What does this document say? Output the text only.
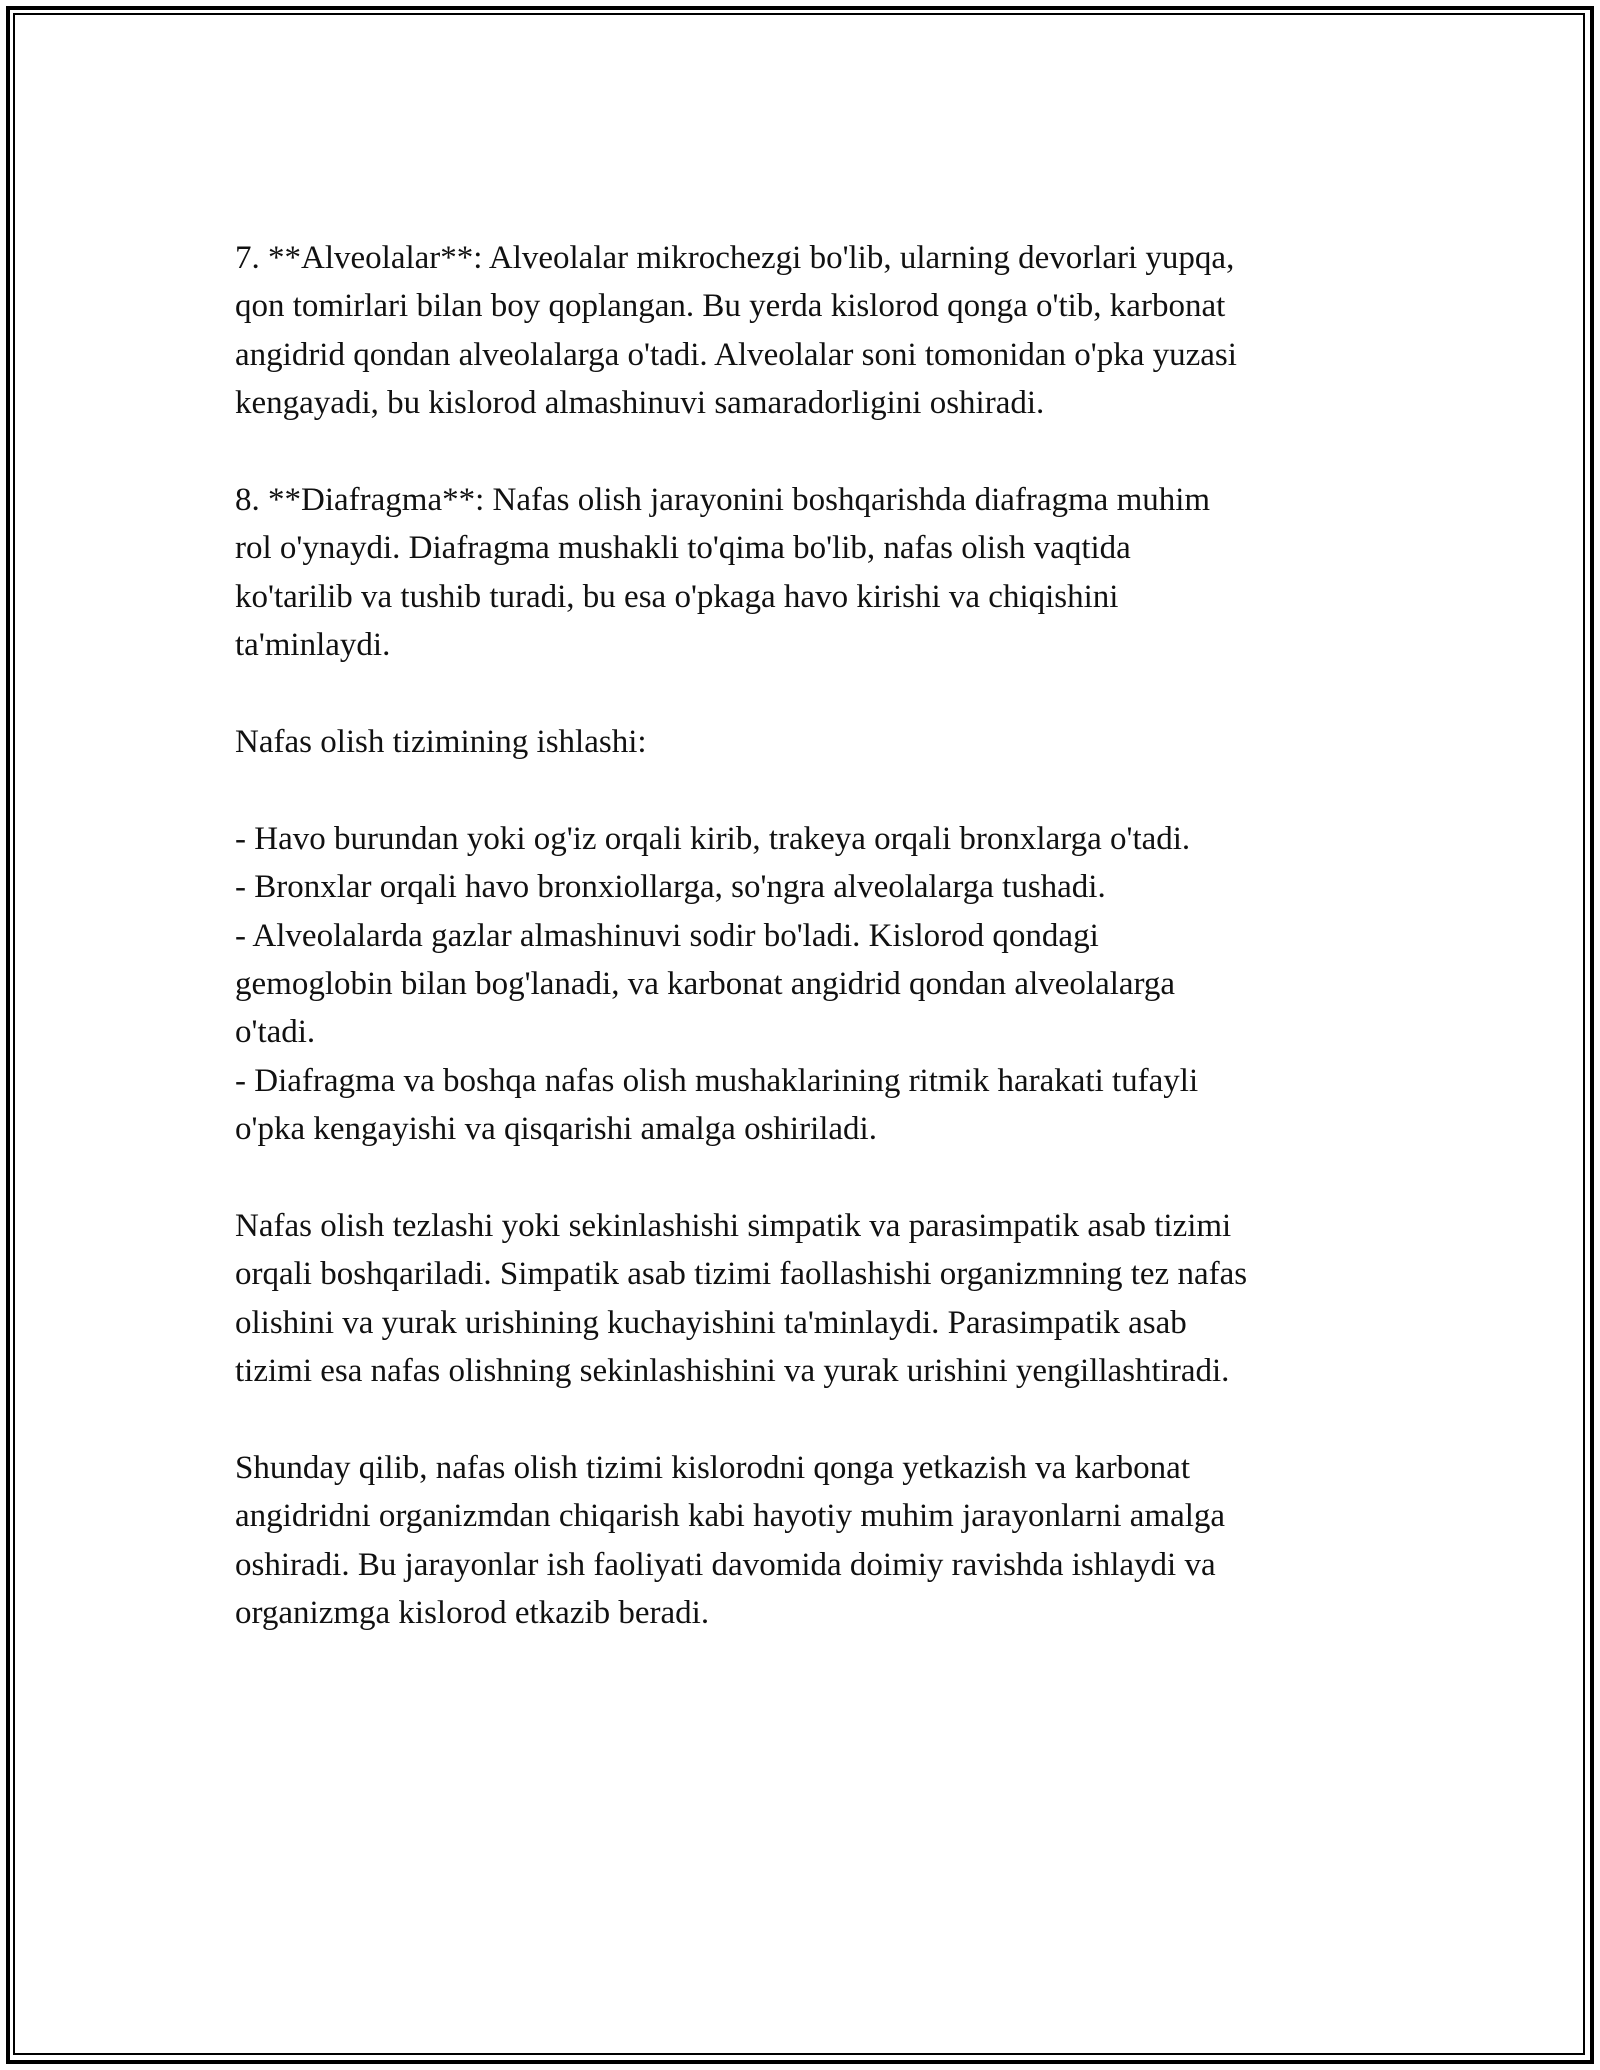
7. **Alveolalar**: Alveolalar mikrochezgi bo'lib, ularning devorlari yupqa,
qon tomirlari bilan boy qoplangan. Bu yerda kislorod qonga o'tib, karbonat
angidrid qondan alveolalarga o'tadi. Alveolalar soni tomonidan o'pka yuzasi
kengayadi, bu kislorod almashinuvi samaradorligini oshiradi.
8. **Diafragma**: Nafas olish jarayonini boshqarishda diafragma muhim
rol o'ynaydi. Diafragma mushakli to'qima bo'lib, nafas olish vaqtida
ko'tarilib va tushib turadi, bu esa o'pkaga havo kirishi va chiqishini
ta'minlaydi.
Nafas olish tizimining ishlashi:
- Havo burundan yoki og'iz orqali kirib, trakeya orqali bronxlarga o'tadi.
- Bronxlar orqali havo bronxiollarga, so'ngra alveolalarga tushadi.
- Alveolalarda gazlar almashinuvi sodir bo'ladi. Kislorod qondagi
gemoglobin bilan bog'lanadi, va karbonat angidrid qondan alveolalarga
o'tadi.
- Diafragma va boshqa nafas olish mushaklarining ritmik harakati tufayli
o'pka kengayishi va qisqarishi amalga oshiriladi.
Nafas olish tezlashi yoki sekinlashishi simpatik va parasimpatik asab tizimi
orqali boshqariladi. Simpatik asab tizimi faollashishi organizmning tez nafas
olishini va yurak urishining kuchayishini ta'minlaydi. Parasimpatik asab
tizimi esa nafas olishning sekinlashishini va yurak urishini yengillashtiradi.
Shunday qilib, nafas olish tizimi kislorodni qonga yetkazish va karbonat
angidridni organizmdan chiqarish kabi hayotiy muhim jarayonlarni amalga
oshiradi. Bu jarayonlar ish faoliyati davomida doimiy ravishda ishlaydi va
organizmga kislorod etkazib beradi.
